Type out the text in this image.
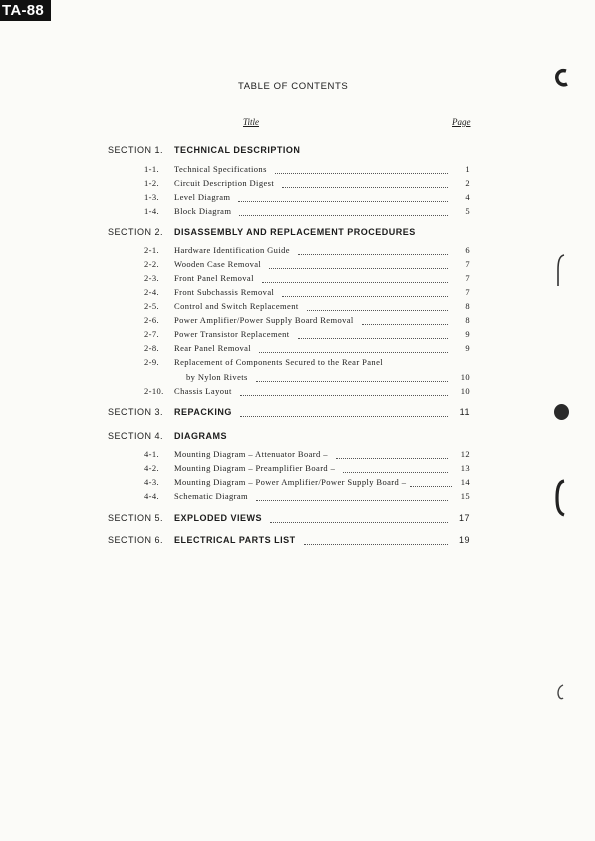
TA-88
TABLE OF CONTENTS
Title	Page
SECTION 1. TECHNICAL DESCRIPTION
1-1.	Technical Specifications	1
1-2.	Circuit Description Digest	2
1-3.	Level Diagram	4
1-4.	Block Diagram	5
SECTION 2. DISASSEMBLY AND REPLACEMENT PROCEDURES
2-1.	Hardware Identification Guide	6
2-2.	Wooden Case Removal	7
2-3.	Front Panel Removal	7
2-4.	Front Subchassis Removal	7
2-5.	Control and Switch Replacement	8
2-6.	Power Amplifier/Power Supply Board Removal	8
2-7.	Power Transistor Replacement	9
2-8.	Rear Panel Removal	9
2-9.	Replacement of Components Secured to the Rear Panel
by Nylon Rivets	10
2-10.	Chassis Layout	10
SECTION 3.	REPACKING	11
SECTION 4. DIAGRAMS
4-1.	Mounting Diagram – Attenuator Board –	12
4-2.	Mounting Diagram – Preamplifier Board –	13
4-3.	Mounting Diagram – Power Amplifier/Power Supply Board –	14
4-4.	Schematic Diagram	15
SECTION 5.	EXPLODED VIEWS	17
SECTION 6.	ELECTRICAL PARTS LIST	19
